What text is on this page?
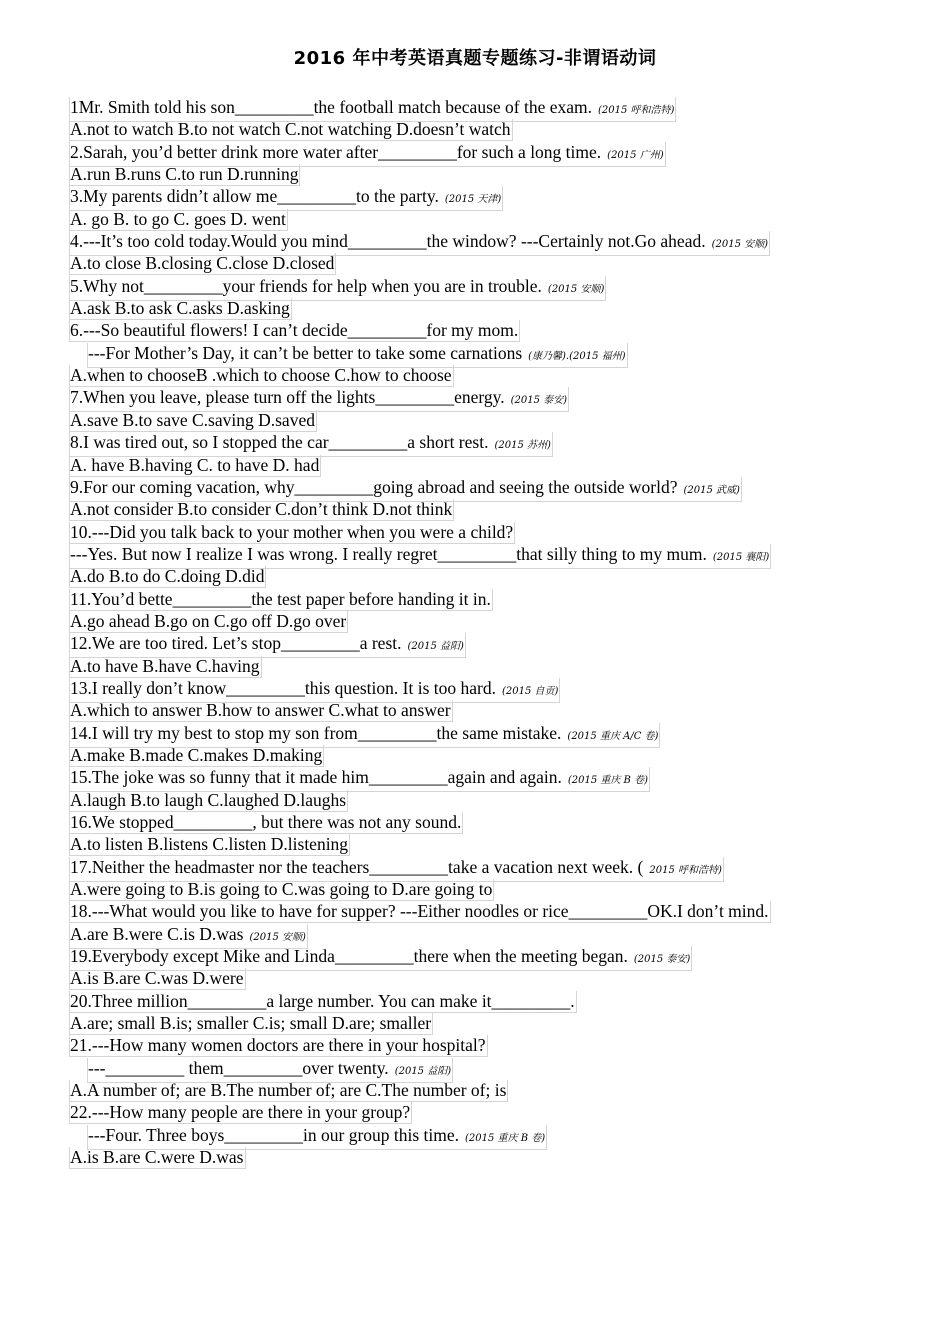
2016 年中考英语真题专题练习-非谓语动词
1Mr. Smith told his son_________the football match because of the exam. (2015 呼和浩特)
A.not to watch B.to not watch C.not watching D.doesn’t watch
2.Sarah, you’d better drink more water after_________for such a long time. (2015 广州)
A.run B.runs C.to run D.running
3.My parents didn’t allow me_________to the party. (2015 天津)
A. go B. to go C. goes D. went
4.---It’s too cold today.Would you mind_________the window? ---Certainly not.Go ahead. (2015 安顺)
A.to close B.closing C.close D.closed
5.Why not_________your friends for help when you are in trouble. (2015 安顺)
A.ask B.to ask C.asks D.asking
6.---So beautiful flowers! I can’t decide_________for my mom.
---For Mother’s Day, it can’t be better to take some carnations (康乃馨).(2015 福州)
A.when to chooseB .which to choose C.how to choose
7.When you leave, please turn off the lights_________energy. (2015 泰安)
A.save B.to save C.saving D.saved
8.I was tired out, so I stopped the car_________a short rest. (2015 苏州)
A. have B.having C. to have D. had
9.For our coming vacation, why_________going abroad and seeing the outside world? (2015 武威)
A.not consider B.to consider C.don’t think D.not think
10.---Did you talk back to your mother when you were a child?
---Yes. But now I realize I was wrong. I really regret_________that silly thing to my mum. (2015 襄阳)
A.do B.to do C.doing D.did
11.You’d bette_________the test paper before handing it in.
A.go ahead B.go on C.go off D.go over
12.We are too tired. Let’s stop_________a rest. (2015 益阳)
A.to have B.have C.having
13.I really don’t know_________this question. It is too hard. (2015 自贡)
A.which to answer B.how to answer C.what to answer
14.I will try my best to stop my son from_________the same mistake. (2015 重庆 A/C 卷)
A.make B.made C.makes D.making
15.The joke was so funny that it made him_________again and again. (2015 重庆 B 卷)
A.laugh B.to laugh C.laughed D.laughs
16.We stopped_________, but there was not any sound.
A.to listen B.listens C.listen D.listening
17.Neither the headmaster nor the teachers_________take a vacation next week. ( 2015 呼和浩特)
A.were going to B.is going to C.was going to D.are going to
18.---What would you like to have for supper? ---Either noodles or rice_________OK.I don’t mind.
A.are B.were C.is D.was (2015 安顺)
19.Everybody except Mike and Linda_________there when the meeting began. (2015 泰安)
A.is B.are C.was D.were
20.Three million_________a large number. You can make it_________.
A.are; small B.is; smaller C.is; small D.are; smaller
21.---How many women doctors are there in your hospital?
---_________ them_________over twenty. (2015 益阳)
A.A number of; are B.The number of; are C.The number of; is
22.---How many people are there in your group?
---Four. Three boys_________in our group this time. (2015 重庆 B 卷)
A.is B.are C.were D.was
